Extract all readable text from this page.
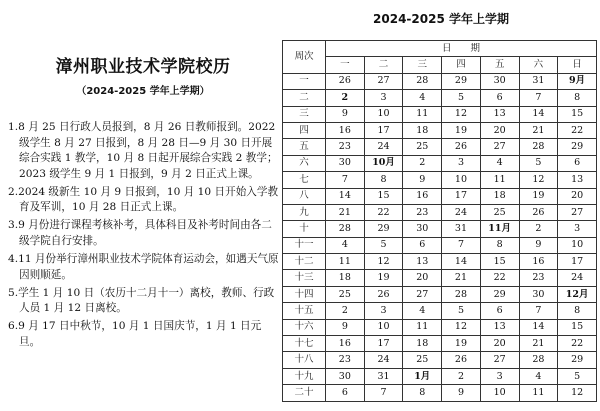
漳州职业技术学院校历
（2024-2025 学年上学期）
1.8 月 25 日行政人员报到，8 月 26 日教师报到。2022 级学生 8 月 27 日报到，8 月 28 日—9 月 30 日开展综合实践 1 教学，10 月 8 日起开展综合实践 2 教学；2023 级学生 9 月 1 日报到，9 月 2 日正式上课。
2.2024 级新生 10 月 9 日报到，10 月 10 日开始入学教育及军训，10 月 28 日正式上课。
3.9 月份进行课程考核补考，具体科目及补考时间由各二级学院自行安排。
4.11 月份举行漳州职业技术学院体育运动会，如遇天气原因则顺延。
5.学生 1 月 10 日（农历十二月十一）离校，教师、行政人员 1 月 12 日离校。
6.9 月 17 日中秋节，10 月 1 日国庆节，1 月 1 日元旦。
2024-2025 学年上学期
周次	日　　期						
	一	二	三	四	五	六	日
一	26	27	28	29	30	31	9月
二	2	3	4	5	6	7	8
三	9	10	11	12	13	14	15
四	16	17	18	19	20	21	22
五	23	24	25	26	27	28	29
六	30	10月	2	3	4	5	6
七	7	8	9	10	11	12	13
八	14	15	16	17	18	19	20
九	21	22	23	24	25	26	27
十	28	29	30	31	11月	2	3
十一	4	5	6	7	8	9	10
十二	11	12	13	14	15	16	17
十三	18	19	20	21	22	23	24
十四	25	26	27	28	29	30	12月
十五	2	3	4	5	6	7	8
十六	9	10	11	12	13	14	15
十七	16	17	18	19	20	21	22
十八	23	24	25	26	27	28	29
十九	30	31	1月	2	3	4	5
二十	6	7	8	9	10	11	12
